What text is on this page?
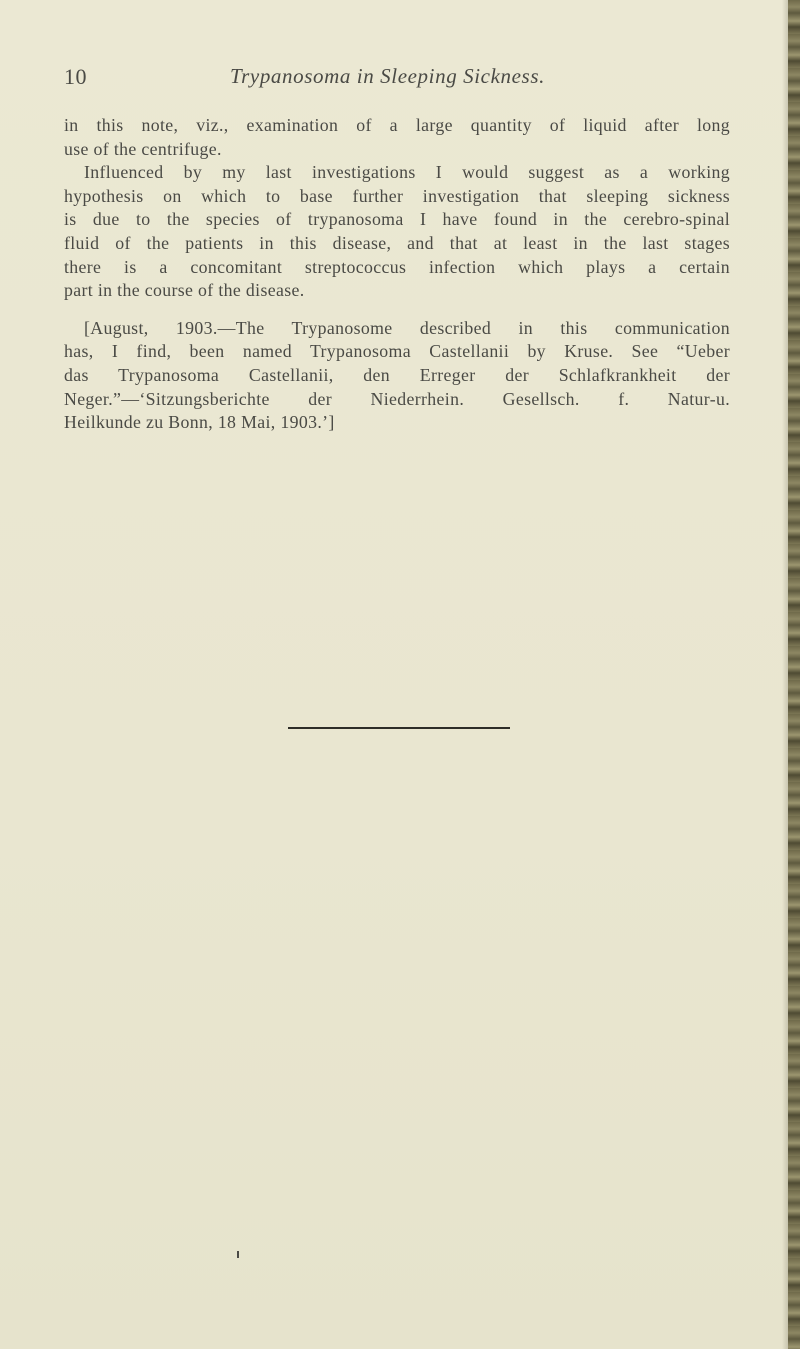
10	Trypanosoma in Sleeping Sickness.
in this note, viz., examination of a large quantity of liquid after long
use of the centrifuge.
Influenced by my last investigations I would suggest as a working
hypothesis on which to base further investigation that sleeping sickness
is due to the species of trypanosoma I have found in the cerebro-spinal
fluid of the patients in this disease, and that at least in the last stages
there is a concomitant streptococcus infection which plays a certain
part in the course of the disease.
[August, 1903.—The Trypanosome described in this communication
has, I find, been named Trypanosoma Castellanii by Kruse. See “Ueber
das Trypanosoma Castellanii, den Erreger der Schlafkrankheit der
Neger.”—‘Sitzungsberichte der Niederrhein. Gesellsch. f. Natur-u.
Heilkunde zu Bonn, 18 Mai, 1903.’]
